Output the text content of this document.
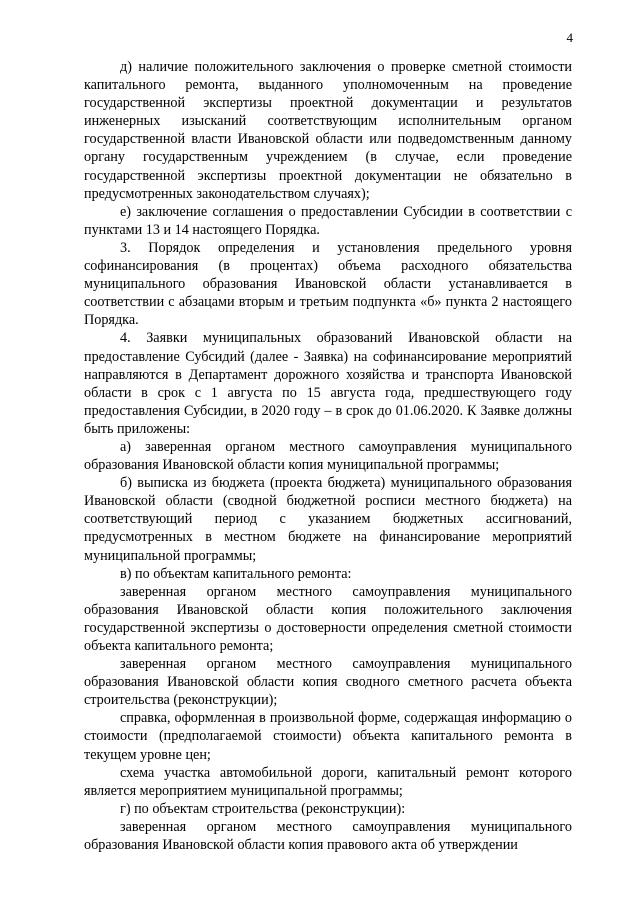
4

д) наличие положительного заключения о проверке сметной стоимости капитального ремонта, выданного уполномоченным на проведение государственной экспертизы проектной документации и результатов инженерных изысканий соответствующим исполнительным органом государственной власти Ивановской области или подведомственным данному органу государственным учреждением (в случае, если проведение государственной экспертизы проектной документации не обязательно в предусмотренных законодательством случаях);

е) заключение соглашения о предоставлении Субсидии в соответствии с пунктами 13 и 14 настоящего Порядка.

3. Порядок определения и установления предельного уровня софинансирования (в процентах) объема расходного обязательства муниципального образования Ивановской области устанавливается в соответствии с абзацами вторым и третьим подпункта «б» пункта 2 настоящего Порядка.

4. Заявки муниципальных образований Ивановской области на предоставление Субсидий (далее - Заявка) на софинансирование мероприятий направляются в Департамент дорожного хозяйства и транспорта Ивановской области в срок с 1 августа по 15 августа года, предшествующего году предоставления Субсидии, в 2020 году – в срок до 01.06.2020. К Заявке должны быть приложены:

а) заверенная органом местного самоуправления муниципального образования Ивановской области копия муниципальной программы;

б) выписка из бюджета (проекта бюджета) муниципального образования Ивановской области (сводной бюджетной росписи местного бюджета) на соответствующий период с указанием бюджетных ассигнований, предусмотренных в местном бюджете на финансирование мероприятий муниципальной программы;

в) по объектам капитального ремонта:

заверенная органом местного самоуправления муниципального образования Ивановской области копия положительного заключения государственной экспертизы о достоверности определения сметной стоимости объекта капитального ремонта;

заверенная органом местного самоуправления муниципального образования Ивановской области копия сводного сметного расчета объекта строительства (реконструкции);

справка, оформленная в произвольной форме, содержащая информацию о стоимости (предполагаемой стоимости) объекта капитального ремонта в текущем уровне цен;

схема участка автомобильной дороги, капитальный ремонт которого является мероприятием муниципальной программы;

г) по объектам строительства (реконструкции):

заверенная органом местного самоуправления муниципального образования Ивановской области копия правового акта об утверждении
